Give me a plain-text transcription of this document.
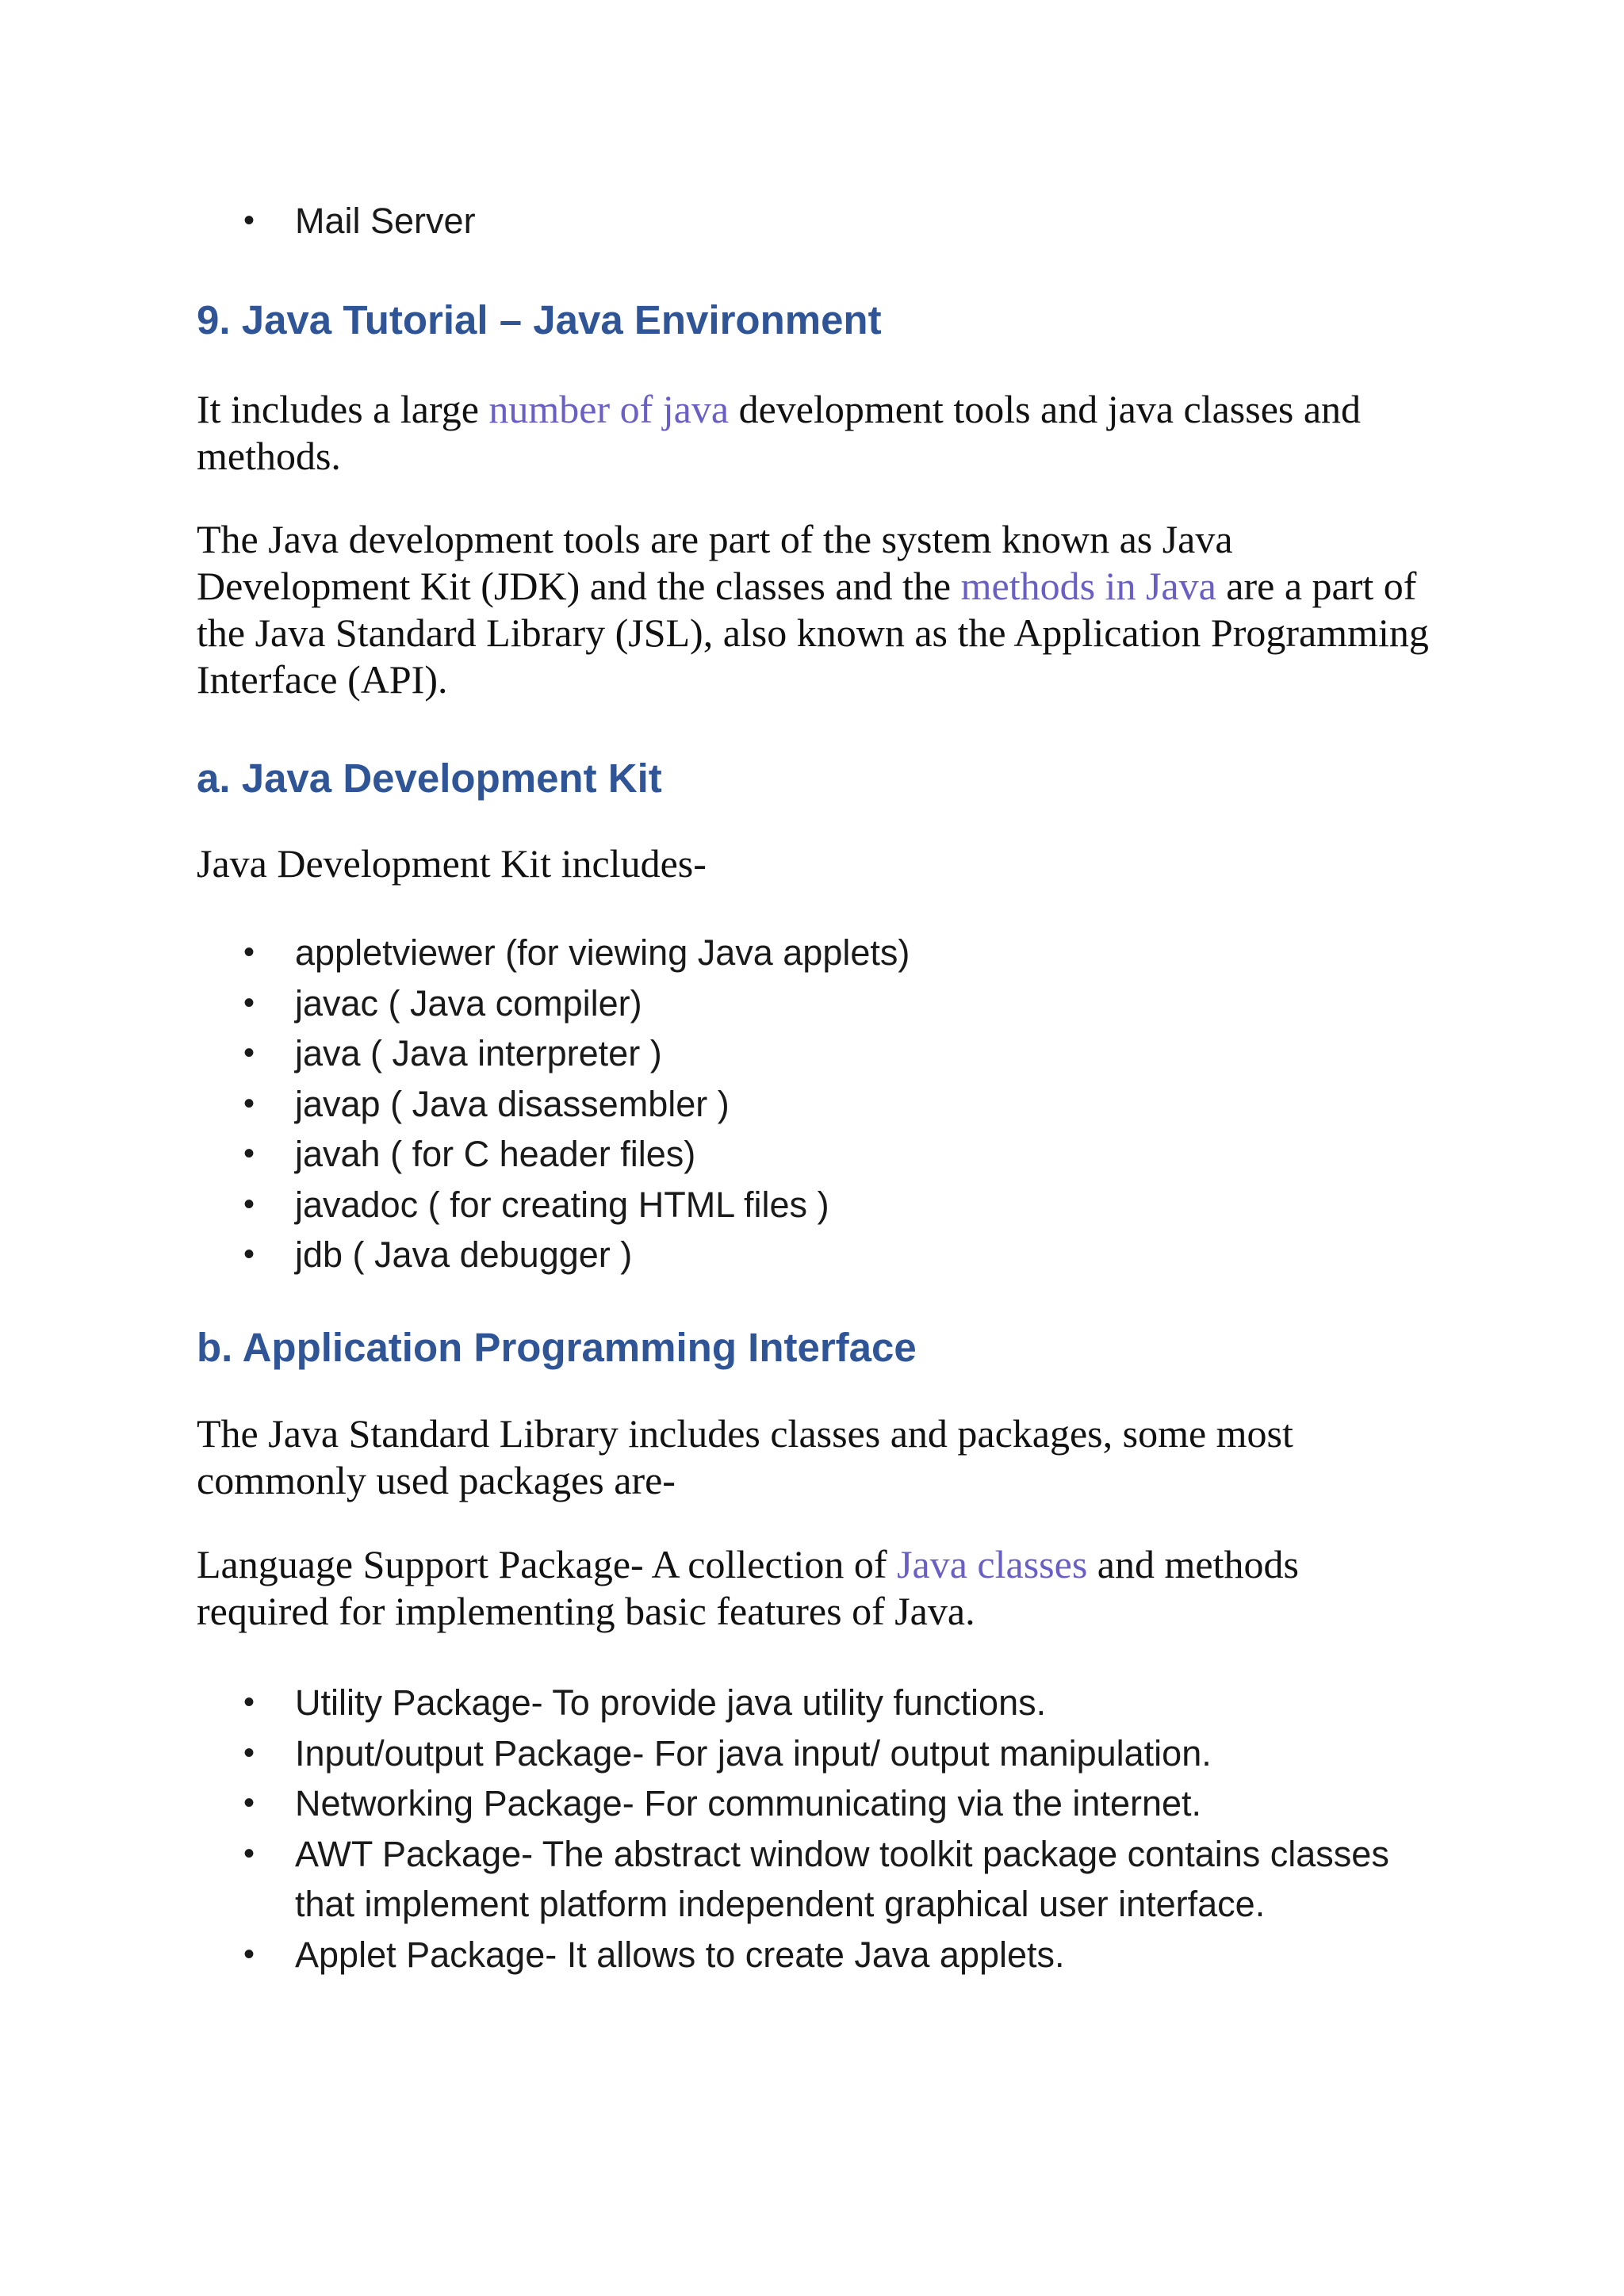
• Mail Server
9. Java Tutorial – Java Environment

It includes a large number of java development tools and java classes and methods.

The Java development tools are part of the system known as Java Development Kit (JDK) and the classes and the methods in Java are a part of the Java Standard Library (JSL), also known as the Application Programming Interface (API).

a. Java Development Kit

Java Development Kit includes-

• appletviewer (for viewing Java applets)
• javac ( Java compiler)
• java ( Java interpreter )
• javap ( Java disassembler )
• javah ( for C header files)
• javadoc ( for creating HTML files )
• jdb ( Java debugger )
b. Application Programming Interface

The Java Standard Library includes classes and packages, some most commonly used packages are-

Language Support Package- A collection of Java classes and methods required for implementing basic features of Java.

• Utility Package- To provide java utility functions.
• Input/output Package- For java input/ output manipulation.
• Networking Package- For communicating via the internet.
• AWT Package- The abstract window toolkit package contains classes that implement platform independent graphical user interface.
• Applet Package- It allows to create Java applets.
